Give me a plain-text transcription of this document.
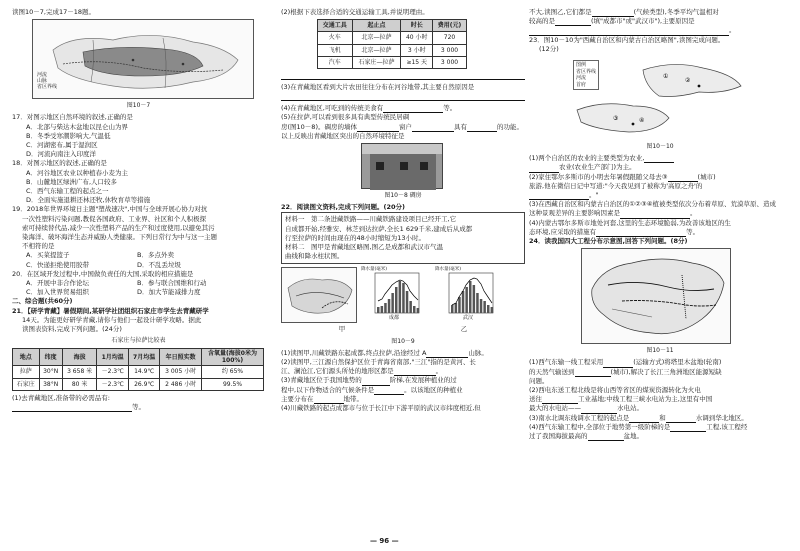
读图10－7,完成17－18题。
河流
山脉
省区界线
图10－7
17．对图示地区自然环境的叙述,正确的是
A．北部与柴达木盆地以昆仑山为界
B．冬季受寒潮影响大,气温低
C．河湖密布,属于湿润区
D．河流向南注入印度洋
18．对图示地区的叙述,正确的是
A．河谷地区农业以种植春小麦为主
B．山麓地区绿洲广布,人口较多
C．西气东输工程的起点之一
D．全面实施退耕还林还牧,休牧育草等措施
19．2018年世界环境日主题"塑战速决",中国与全球开展心协力对抗
一次性塑料污染问题,教促各国政府、工业界、社区和个人积极探
索可持续替代品,减少一次性塑料产品的生产和过度使用,以避免其污
染海洋、破坏海洋生态并威胁人类健康。下列日常行为中与这一主题
不相符的是
A．买菜提篮子	B．多点外卖
C．快递拒绝使用胶带	D．不乱丢垃圾
20．在区域开发过程中,中国做负责任的大国,采取的相应措施是
A．开展中非合作论坛	B．参与联合国维和行动
C．加入世界贸易组织	D．加大节能减排力度
二、综合题(共60分)
21．【研学青藏】暑假期间,某研学社团组织石家庄市学生去青藏研学
14天。为能更好研学青藏,请你与他们一起设计研学攻略。据此
读图表资料,完成下列问题。(24分)
石家庄与拉萨比较表
地点	纬度	海拔	1月均温	7月均温	年日照实数	含氧量(海拔0米为100%)
拉萨	30°N	3 658 米	－2.3℃	14.9℃	3 005 小时	约 65%
石家庄	38°N	80 米	－2.3℃	26.9℃	2 486 小时	99.5%
(1)去青藏地区,准备带的必需品有:
等。
(2)根据下表选择合适的交通运输工具,并说明理由。
交通工具	起止点	时长	费用(元)
火车	北京—拉萨	40 小时	720
飞机	北京—拉萨	3 小时	3 000
汽车	石家庄—拉萨	≥15 天	3 000
(3)在青藏地区看到大片农田往往分布在河谷地带,其主要自然原因是
(4)在青藏地区,可吃到的传统美食有	等。
(5)在拉萨,可以看到很多具有典型传统民居碉
房(图10－8)。碉房的墙体	窗户	具有	的功能。
以上反映出青藏地区突出的自然环境特征是
图10－8 碉房
22．阅读图文资料,完成下列问题。(20分)
材料一　第二条进藏铁路——川藏铁路建设项目已经开工,它
自成都开始,经雅安、林芝到达拉萨,全长1 629千米,建成后从成都
行至拉萨的时间由现在的48小时缩短为13小时。
材料二　图甲是青藏地区略图,图乙是成都和武汉市气温
曲线和降水柱状图。
成都
降水量(毫米)
武汉
降水量(毫米)
甲	乙
图10－9
(1)读图甲,川藏铁路东起成都,终点拉萨,沿途经过 A	山脉。
(2)读图甲,三江源自然保护区位于青海省南部,"三江"指的是黄河、长
江、澜沧江,它们源头所处的地形区都是	。
(3)青藏地区位于我国地势的	阶梯,在发展种植业的过
程中,以下作物适合的气候条件是	。以该地区的种植业
主要分布在	地带。
(4)川藏铁路的起点成都市与位于长江中下游平原的武汉市纬度相近,但
不大,读图乙,它们都是	(气候类型),冬季平均气温相对
较高的是	(填"成都市"或"武汉市"),主要原因是
。
23．图10－10为"西藏自治区和内蒙古自治区略图",读图完成问题。
(12分)
①
②
③	④
图例
省区界线
河流
首府
图10－10
(1)两个自治区的农业的主要类型为农业,
农业(农业生产部门)为主。
(2)家住鄂尔多斯市的小明去年暑假跟随父母去③	(城市)
旅游,他在微信日记中写道:"今天我见到了被称为'高原之舟'的
。"
(3)在西藏自治区和内蒙古自治区的①②③④植被类型依次分布着草原、荒漠草原、造成
这种景观差异的主要影响因素是	。
(4)内蒙古鄂尔多斯市地处河套,这里的生态环境脆弱,为改善该地区的生
态环境,应采取的措施有	等。
24．读我国四大工程分布示意图,回答下列问题。(8分)
图10－11
(1)西气东输一线工程采用	(运输方式)将塔里木盆地(轮南)
的天然气输送到	(城市),解决了长江三角洲地区能源短缺
问题。
(2)西电东送工程北线是将山西等省区的煤炭资源转化为火电
送往	工业基地;中线工程三峡水电站为主,这里有中国
最大的水电站——	水电站。
(3)南水北调东线调水工程的起点是	和	水调到华北地区。
(4)西气东输工程中,全部位于地势第一级阶梯的是	工程,该工程经
过了我国海拔最高的	盆地。
— 96 —
